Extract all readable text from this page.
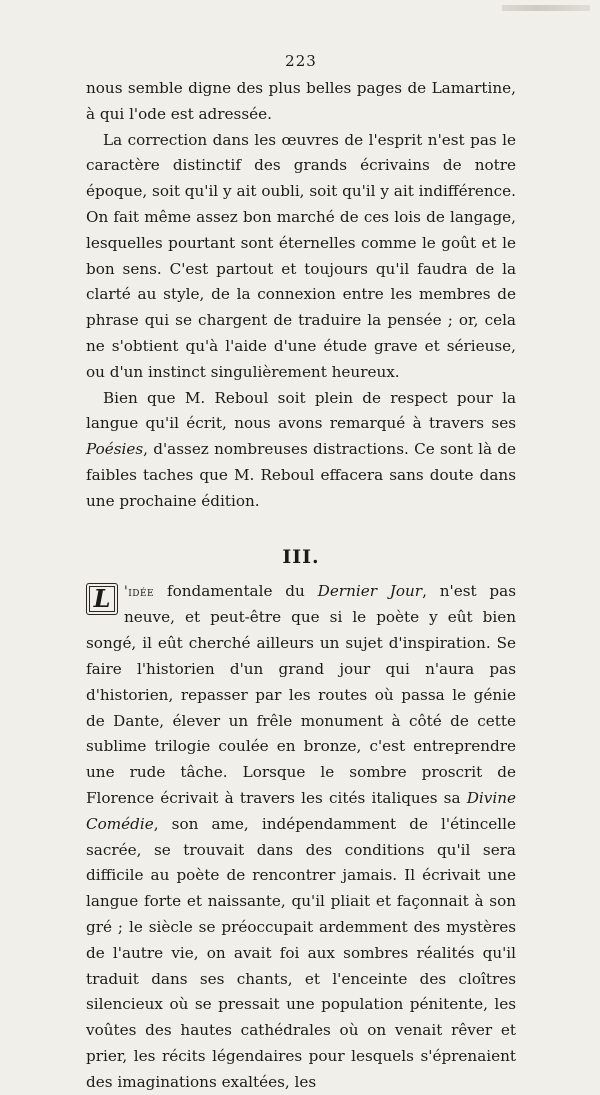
223

nous semble digne des plus belles pages de Lamartine, à qui l'ode est adressée.

La correction dans les œuvres de l'esprit n'est pas le caractère distinctif des grands écrivains de notre époque, soit qu'il y ait oubli, soit qu'il y ait indifférence. On fait même assez bon marché de ces lois de langage, lesquelles pourtant sont éternelles comme le goût et le bon sens. C'est partout et toujours qu'il faudra de la clarté au style, de la connexion entre les membres de phrase qui se chargent de traduire la pensée ; or, cela ne s'obtient qu'à l'aide d'une étude grave et sérieuse, ou d'un instinct singulièrement heureux.

Bien que M. Reboul soit plein de respect pour la langue qu'il écrit, nous avons remarqué à travers ses Poésies, d'assez nombreuses distractions. Ce sont là de faibles taches que M. Reboul effacera sans doute dans une prochaine édition.

III.

L	'idée fondamentale du Dernier Jour, n'est pas neuve, et peut-être que si le poète y eût bien songé, il eût cherché ailleurs un sujet d'inspiration. Se faire l'historien d'un grand jour qui n'aura pas d'historien, repasser par les routes où passa le génie de Dante, élever un frêle monument à côté de cette sublime trilogie coulée en bronze, c'est entreprendre une rude tâche. Lorsque le sombre proscrit de Florence écrivait à travers les cités italiques sa Divine Comédie, son ame, indépendamment de l'étincelle sacrée, se trouvait dans des conditions qu'il sera difficile au poète de rencontrer jamais. Il écrivait une langue forte et naissante, qu'il pliait et façonnait à son gré ; le siècle se préoccupait ardemment des mystères de l'autre vie, on avait foi aux sombres réalités qu'il traduit dans ses chants, et l'enceinte des cloîtres silencieux où se pressait une population pénitente, les voûtes des hautes cathédrales où on venait rêver et prier, les récits légendaires pour lesquels s'éprenaient des imaginations exaltées, les
